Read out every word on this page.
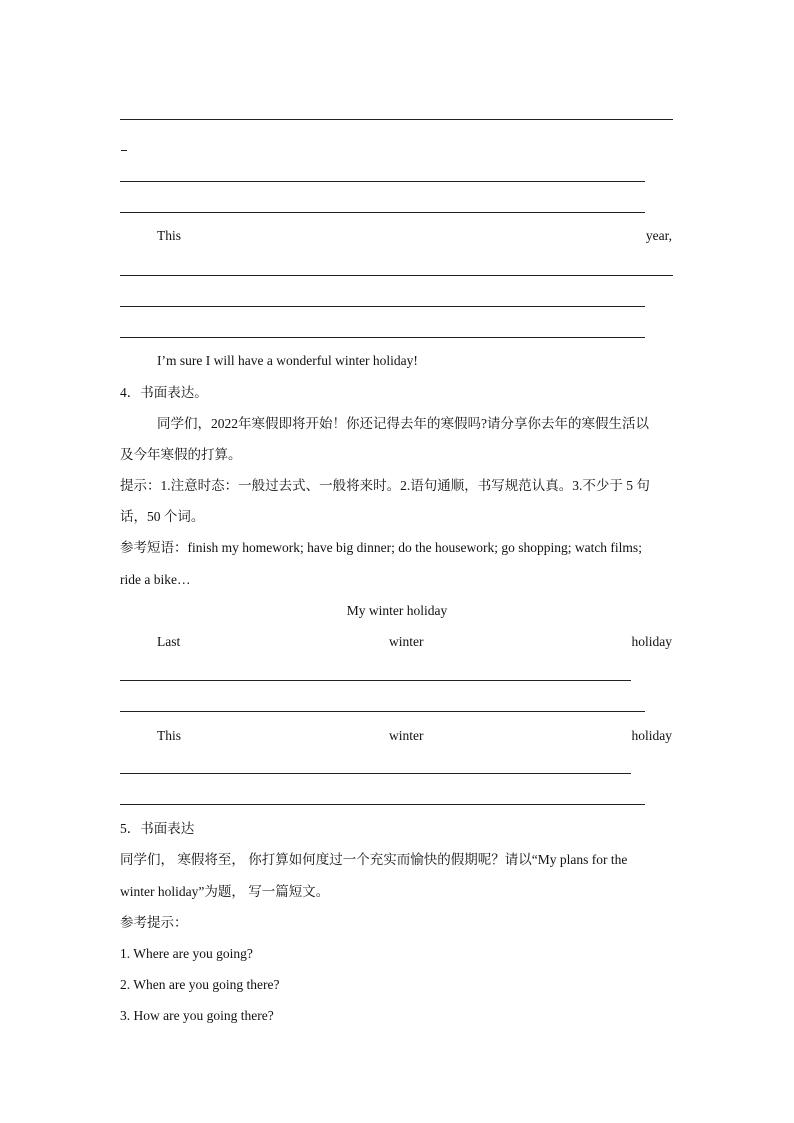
This	year,
I’m sure I will have a wonderful winter holiday!
4．书面表达。
同学们，2022年寒假即将开始！你还记得去年的寒假吗?请分享你去年的寒假生活以
及今年寒假的打算。
提示：1.注意时态：一般过去式、一般将来时。2.语句通顺，书写规范认真。3.不少于 5 句
话，50 个词。
参考短语：finish my homework; have big dinner; do the housework; go shopping; watch films;
ride a bike…
My winter holiday
Last	winter	holiday
This	winter	holiday
5．书面表达
同学们， 寒假将至， 你打算如何度过一个充实而愉快的假期呢？请以“My plans for the
winter holiday”为题， 写一篇短文。
参考提示：
1. Where are you going?
2. When are you going there?
3. How are you going there?
